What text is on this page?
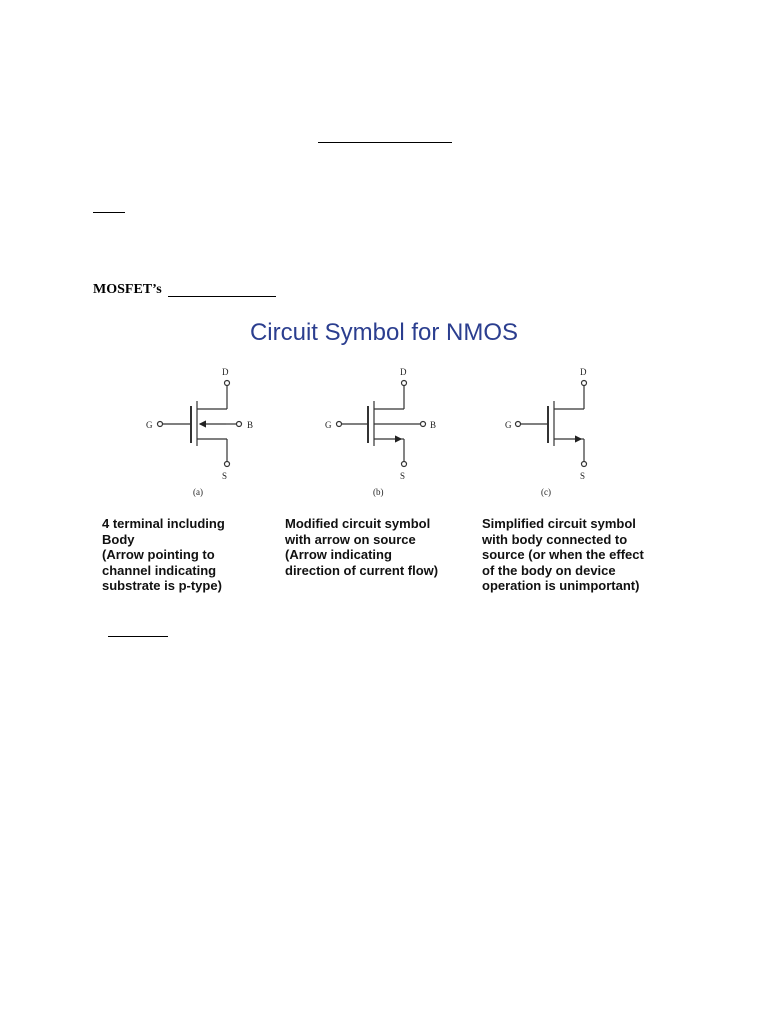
MOSFET’s
Circuit Symbol for NMOS
D
G	B
S
(a)
D
G	B
S
(b)
D
G
S
(c)
4 terminal including
Body
(Arrow pointing to
channel indicating
substrate is p-type)
Modified circuit symbol
with arrow on source
(Arrow indicating
direction of current flow)
Simplified circuit symbol
with body connected to
source (or when the effect
of the body on device
operation is unimportant)
